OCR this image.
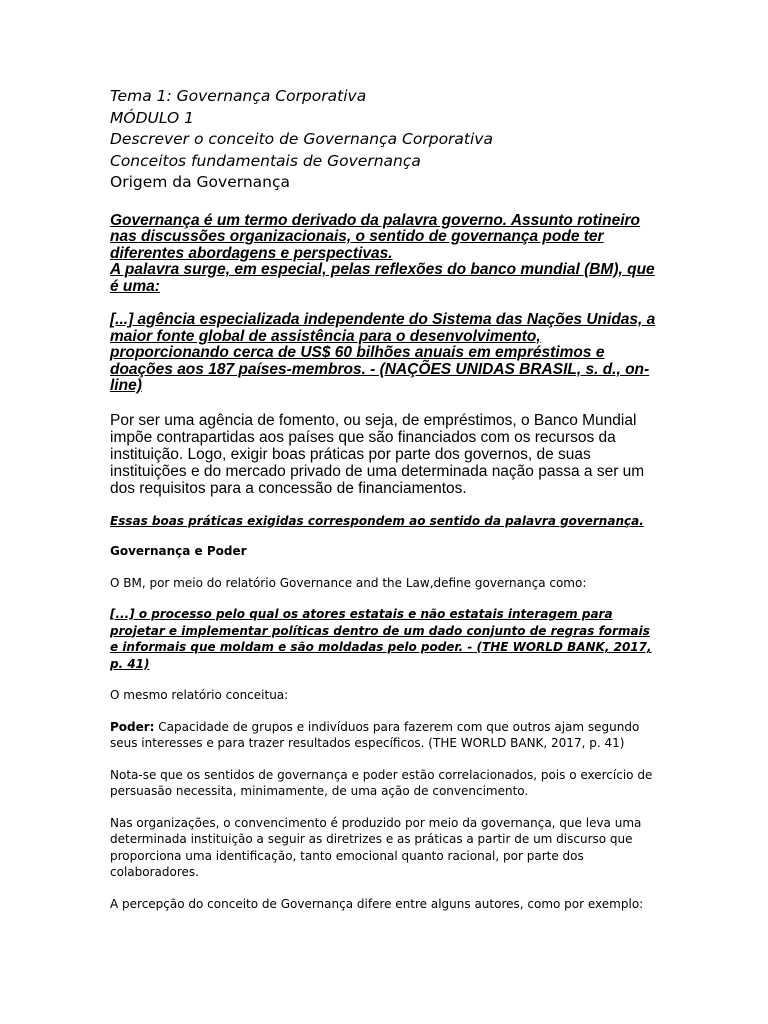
Tema 1: Governança Corporativa

MÓDULO 1

Descrever o conceito de Governança Corporativa

Conceitos fundamentais de Governança

Origem da Governança

Governança é um termo derivado da palavra governo. Assunto rotineiro nas discussões organizacionais, o sentido de governança pode ter diferentes abordagens e perspectivas.

A palavra surge, em especial, pelas reflexões do banco mundial (BM), que é uma:

[...] agência especializada independente do Sistema das Nações Unidas, a maior fonte global de assistência para o desenvolvimento, proporcionando cerca de US$ 60 bilhões anuais em empréstimos e doações aos 187 países-membros. - (NAÇÕES UNIDAS BRASIL, s. d., on-line)

Por ser uma agência de fomento, ou seja, de empréstimos, o Banco Mundial impõe contrapartidas aos países que são financiados com os recursos da instituição. Logo, exigir boas práticas por parte dos governos, de suas instituições e do mercado privado de uma determinada nação passa a ser um dos requisitos para a concessão de financiamentos.

Essas boas práticas exigidas correspondem ao sentido da palavra governança.

Governança e Poder

O BM, por meio do relatório Governance and the Law,define governança como:

[...] o processo pelo qual os atores estatais e não estatais interagem para projetar e implementar políticas dentro de um dado conjunto de regras formais e informais que moldam e são moldadas pelo poder. - (THE WORLD BANK, 2017, p. 41)

O mesmo relatório conceitua:

Poder: Capacidade de grupos e indivíduos para fazerem com que outros ajam segundo seus interesses e para trazer resultados específicos. (THE WORLD BANK, 2017, p. 41)

Nota-se que os sentidos de governança e poder estão correlacionados, pois o exercício de persuasão necessita, minimamente, de uma ação de convencimento.

Nas organizações, o convencimento é produzido por meio da governança, que leva uma determinada instituição a seguir as diretrizes e as práticas a partir de um discurso que proporciona uma identificação, tanto emocional quanto racional, por parte dos colaboradores.

A percepção do conceito de Governança difere entre alguns autores, como por exemplo:
